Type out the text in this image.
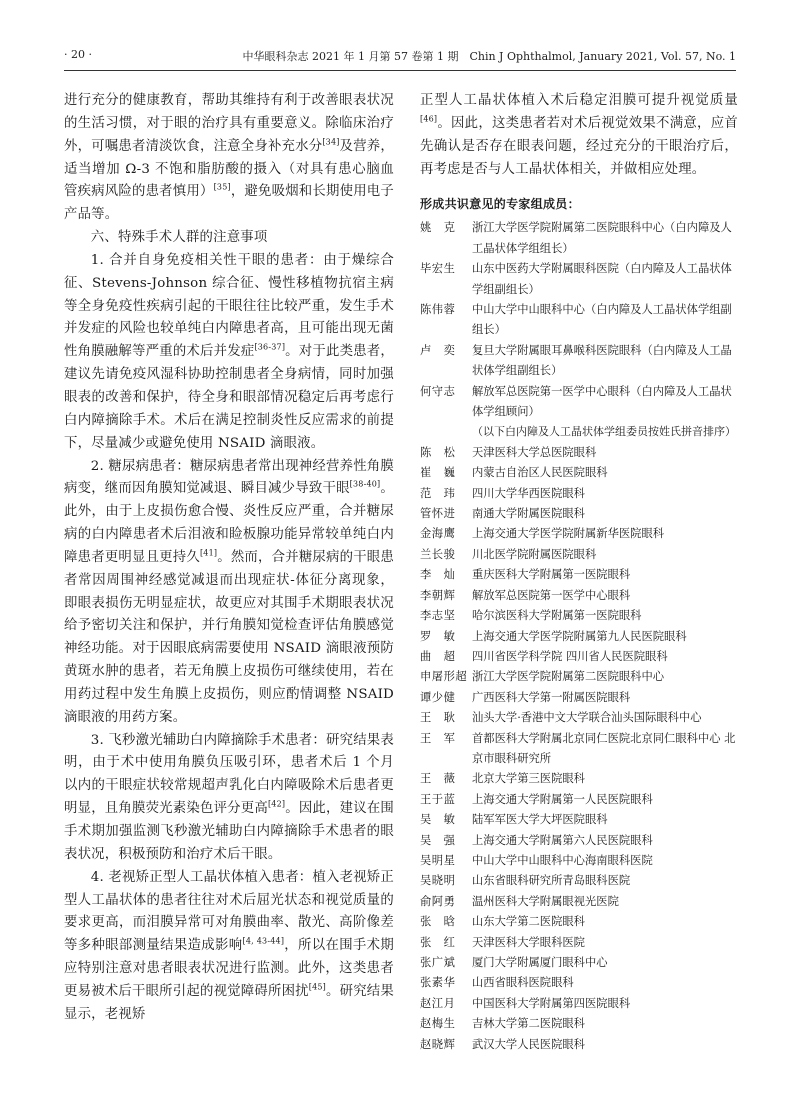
· 20 ·	中华眼科杂志 2021 年 1 月第 57 卷第 1 期　Chin J Ophthalmol, January 2021, Vol. 57, No. 1

进行充分的健康教育，帮助其维持有利于改善眼表状况的生活习惯，对于眼的治疗具有重要意义。除临床治疗外，可嘱患者清淡饮食，注意全身补充水分[34]及营养，适当增加 Ω-3 不饱和脂肪酸的摄入（对具有患心脑血管疾病风险的患者慎用）[35]，避免吸烟和长期使用电子产品等。

六、特殊手术人群的注意事项

1. 合并自身免疫相关性干眼的患者：由于燥综合征、Stevens-Johnson 综合征、慢性移植物抗宿主病等全身免疫性疾病引起的干眼往往比较严重，发生手术并发症的风险也较单纯白内障患者高，且可能出现无菌性角膜融解等严重的术后并发症[36-37]。对于此类患者，建议先请免疫风湿科协助控制患者全身病情，同时加强眼表的改善和保护，待全身和眼部情况稳定后再考虑行白内障摘除手术。术后在满足控制炎性反应需求的前提下，尽量减少或避免使用 NSAID 滴眼液。

2. 糖尿病患者：糖尿病患者常出现神经营养性角膜病变，继而因角膜知觉减退、瞬目减少导致干眼[38-40]。此外，由于上皮损伤愈合慢、炎性反应严重，合并糖尿病的白内障患者术后泪液和睑板腺功能异常较单纯白内障患者更明显且更持久[41]。然而，合并糖尿病的干眼患者常因周围神经感觉减退而出现症状-体征分离现象，即眼表损伤无明显症状，故更应对其围手术期眼表状况给予密切关注和保护，并行角膜知觉检查评估角膜感觉神经功能。对于因眼底病需要使用 NSAID 滴眼液预防黄斑水肿的患者，若无角膜上皮损伤可继续使用，若在用药过程中发生角膜上皮损伤，则应酌情调整 NSAID 滴眼液的用药方案。

3. 飞秒激光辅助白内障摘除手术患者：研究结果表明，由于术中使用角膜负压吸引环，患者术后 1 个月以内的干眼症状较常规超声乳化白内障吸除术后患者更明显，且角膜荧光素染色评分更高[42]。因此，建议在围手术期加强监测飞秒激光辅助白内障摘除手术患者的眼表状况，积极预防和治疗术后干眼。

4. 老视矫正型人工晶状体植入患者：植入老视矫正型人工晶状体的患者往往对术后屈光状态和视觉质量的要求更高，而泪膜异常可对角膜曲率、散光、高阶像差等多种眼部测量结果造成影响[4, 43-44]，所以在围手术期应特别注意对患者眼表状况进行监测。此外，这类患者更易被术后干眼所引起的视觉障碍所困扰[45]。研究结果显示，老视矫

正型人工晶状体植入术后稳定泪膜可提升视觉质量[46]。因此，这类患者若对术后视觉效果不满意，应首先确认是否存在眼表问题，经过充分的干眼治疗后，再考虑是否与人工晶状体相关，并做相应处理。

形成共识意见的专家组成员：
姚　克	浙江大学医学院附属第二医院眼科中心（白内障及人工晶状体学组组长）
毕宏生	山东中医药大学附属眼科医院（白内障及人工晶状体学组副组长）
陈伟蓉	中山大学中山眼科中心（白内障及人工晶状体学组副组长）
卢　奕	复旦大学附属眼耳鼻喉科医院眼科（白内障及人工晶状体学组副组长）
何守志	解放军总医院第一医学中心眼科（白内障及人工晶状体学组顾问）
（以下白内障及人工晶状体学组委员按姓氏拼音排序）
陈　松	天津医科大学总医院眼科
崔　巍	内蒙古自治区人民医院眼科
范　玮	四川大学华西医院眼科
管怀进	南通大学附属医院眼科
金海鹰	上海交通大学医学院附属新华医院眼科
兰长骏	川北医学院附属医院眼科
李　灿	重庆医科大学附属第一医院眼科
李朝辉	解放军总医院第一医学中心眼科
李志坚	哈尔滨医科大学附属第一医院眼科
罗　敏	上海交通大学医学院附属第九人民医院眼科
曲　超	四川省医学科学院 四川省人民医院眼科
申屠形超 浙江大学医学院附属第二医院眼科中心
谭少健	广西医科大学第一附属医院眼科
王　耿	汕头大学·香港中文大学联合汕头国际眼科中心
王　军	首都医科大学附属北京同仁医院北京同仁眼科中心 北京市眼科研究所
王　薇	北京大学第三医院眼科
王于蓝	上海交通大学附属第一人民医院眼科
吴　敏	陆军军医大学大坪医院眼科
吴　强	上海交通大学附属第六人民医院眼科
吴明星	中山大学中山眼科中心海南眼科医院
吴晓明	山东省眼科研究所青岛眼科医院
俞阿勇	温州医科大学附属眼视光医院
张　晗	山东大学第二医院眼科
张　红	天津医科大学眼科医院
张广斌	厦门大学附属厦门眼科中心
张素华	山西省眼科医院眼科
赵江月	中国医科大学附属第四医院眼科
赵梅生	吉林大学第二医院眼科
赵晓辉	武汉大学人民医院眼科
